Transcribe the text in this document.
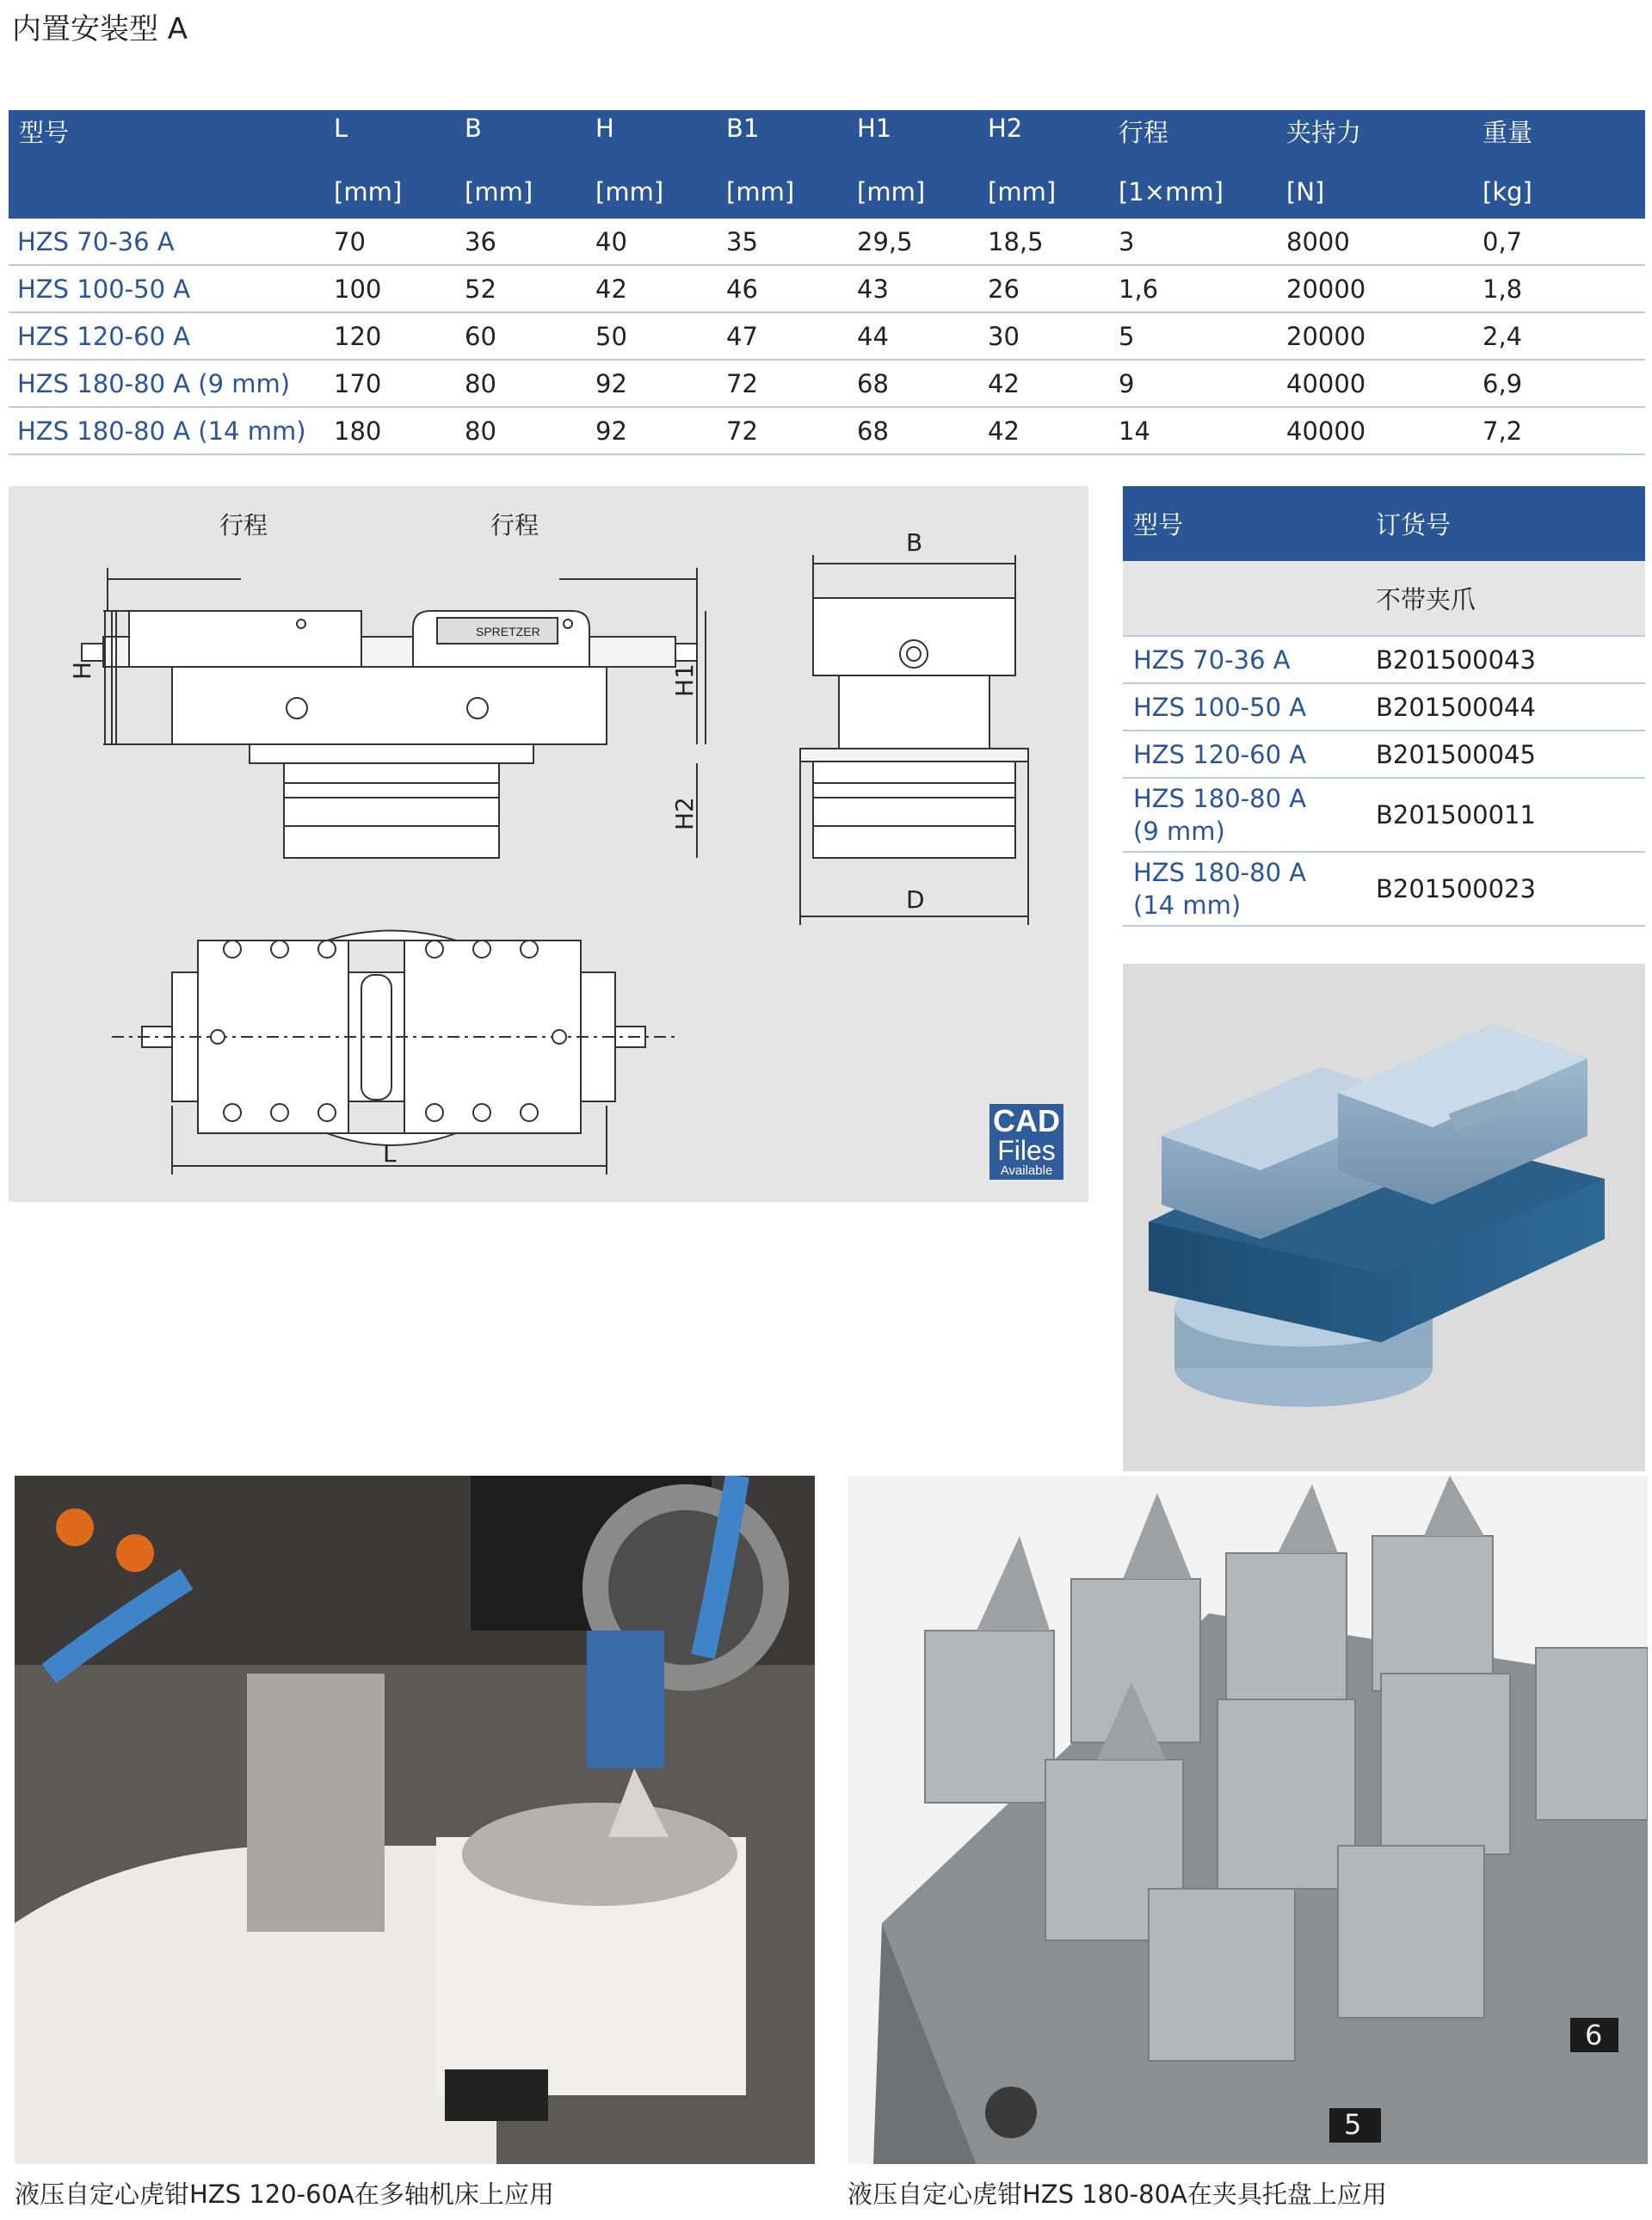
内置安装型 A
型号	L	B	H	B1	H1	H2	行程	夹持力	重量
	[mm]	[mm]	[mm]	[mm]	[mm]	[mm]	[1×mm]	[N]	[kg]
HZS 70-36 A	70	36	40	35	29,5	18,5	3	8000	0,7
HZS 100-50 A	100	52	42	46	43	26	1,6	20000	1,8
HZS 120-60 A	120	60	50	47	44	30	5	20000	2,4
HZS 180-80 A (9 mm)	170	80	92	72	68	42	9	40000	6,9
HZS 180-80 A (14 mm)	180	80	92	72	68	42	14	40000	7,2
SPRETZER
行程	行程
H	H1
H2
B
D
L
CAD
Files
Available
型号	订货号
	不带夹爪
HZS 70-36 A	B201500043
HZS 100-50 A	B201500044
HZS 120-60 A	B201500045
HZS 180-80 A
(9 mm)	B201500011
HZS 180-80 A
(14 mm)	B201500023
液压自定心虎钳HZS 120-60A在多轴机床上应用
5
6
液压自定心虎钳HZS 180-80A在夹具托盘上应用
